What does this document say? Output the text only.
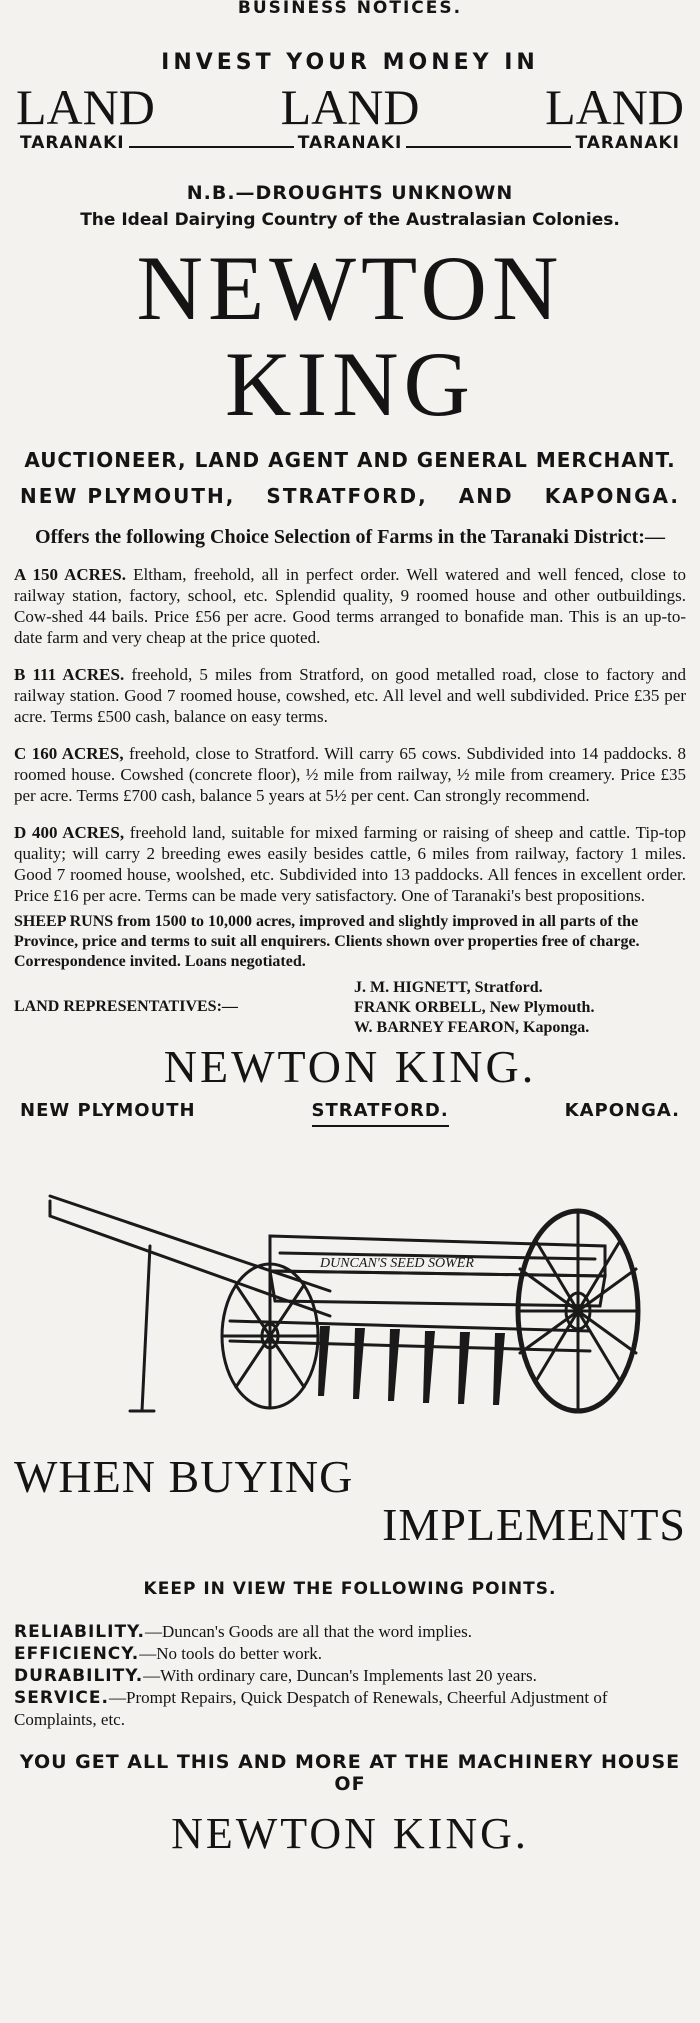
BUSINESS NOTICES.
INVEST YOUR MONEY IN
LAND	LAND	LAND
TARANAKI	TARANAKI	TARANAKI
N.B.—DROUGHTS UNKNOWN
The Ideal Dairying Country of the Australasian Colonies.
NEWTON KING
AUCTIONEER, LAND AGENT AND GENERAL MERCHANT.
NEW PLYMOUTH, STRATFORD, AND KAPONGA.
Offers the following Choice Selection of Farms in the Taranaki District:—
A 150 ACRES. Eltham, freehold, all in perfect order. Well watered and well fenced, close to railway station, factory, school, etc. Splendid quality, 9 roomed house and other outbuildings. Cow-shed 44 bails. Price £56 per acre. Good terms arranged to bonafide man. This is an up-to-date farm and very cheap at the price quoted.
B 111 ACRES. freehold, 5 miles from Stratford, on good metalled road, close to factory and railway station. Good 7 roomed house, cowshed, etc. All level and well subdivided. Price £35 per acre. Terms £500 cash, balance on easy terms.
C 160 ACRES, freehold, close to Stratford. Will carry 65 cows. Subdivided into 14 paddocks. 8 roomed house. Cowshed (concrete floor), ½ mile from railway, ½ mile from creamery. Price £35 per acre. Terms £700 cash, balance 5 years at 5½ per cent. Can strongly recommend.
D 400 ACRES, freehold land, suitable for mixed farming or raising of sheep and cattle. Tip-top quality; will carry 2 breeding ewes easily besides cattle, 6 miles from railway, factory 1 miles. Good 7 roomed house, woolshed, etc. Subdivided into 13 paddocks. All fences in excellent order. Price £16 per acre. Terms can be made very satisfactory. One of Taranaki's best propositions.
SHEEP RUNS from 1500 to 10,000 acres, improved and slightly improved in all parts of the Province, price and terms to suit all enquirers. Clients shown over properties free of charge. Correspondence invited. Loans negotiated.
LAND REPRESENTATIVES:—
J. M. HIGNETT, Stratford.
FRANK ORBELL, New Plymouth.
W. BARNEY FEARON, Kaponga.
NEWTON KING.
NEW PLYMOUTH	STRATFORD.	KAPONGA.
DUNCAN'S SEED SOWER
WHEN BUYING
IMPLEMENTS
KEEP IN VIEW THE FOLLOWING POINTS.
RELIABILITY.—Duncan's Goods are all that the word implies.
EFFICIENCY.—No tools do better work.
DURABILITY.—With ordinary care, Duncan's Implements last 20 years.
SERVICE.—Prompt Repairs, Quick Despatch of Renewals, Cheerful Adjustment of Complaints, etc.
YOU GET ALL THIS AND MORE AT THE MACHINERY HOUSE OF
NEWTON KING.
